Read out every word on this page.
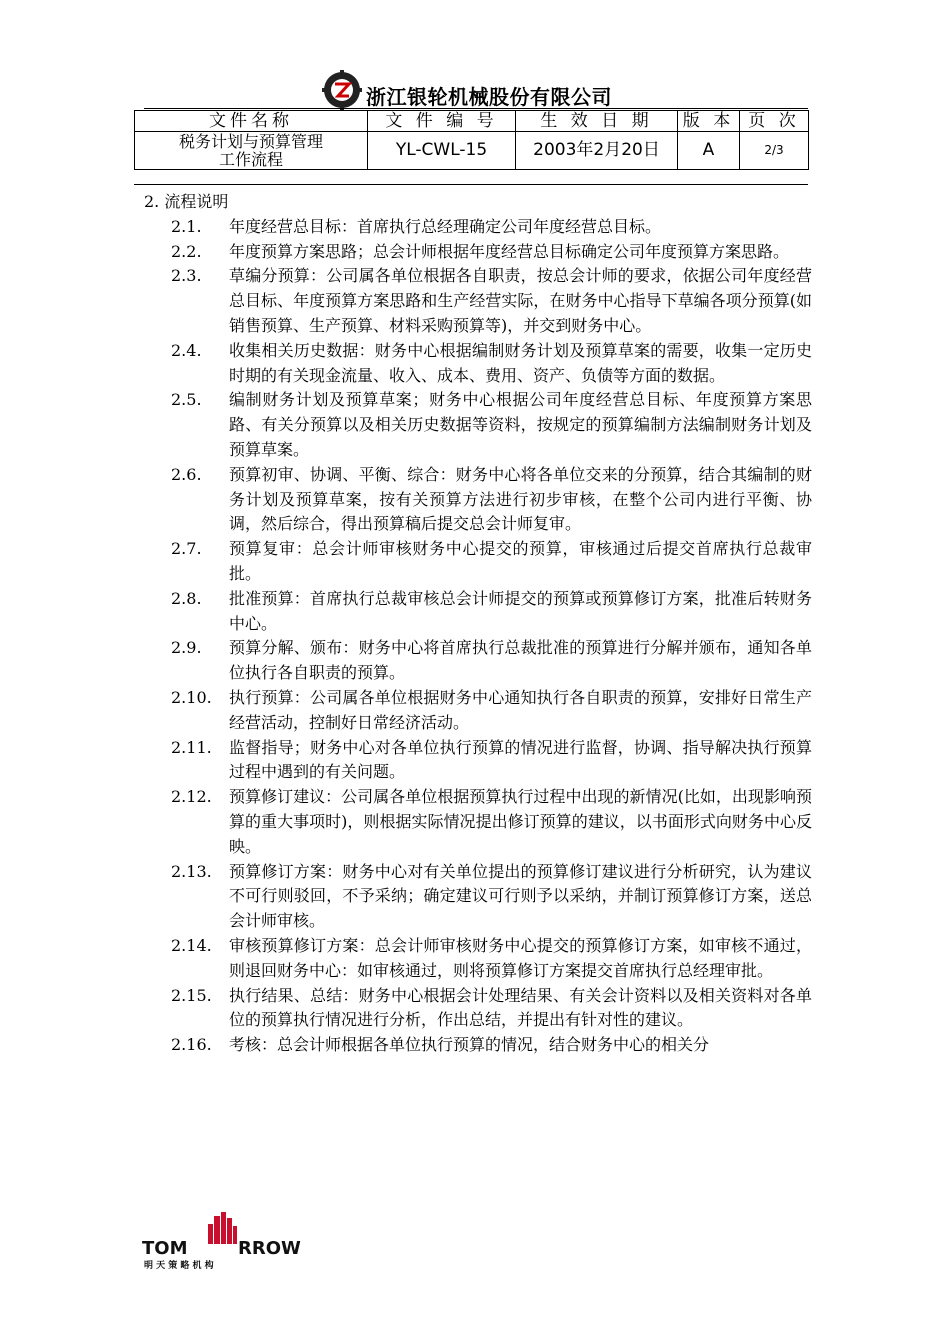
浙江银轮机械股份有限公司
文件名称	文 件 编 号	生 效 日 期	版 本	页 次

税务计划与预算管理
工作流程	YL-CWL-15	2003年2月20日	A	2/3
2. 流程说明
2.1.	年度经营总目标：首席执行总经理确定公司年度经营总目标。
2.2.	年度预算方案思路；总会计师根据年度经营总目标确定公司年度预算方案思路。
2.3.	草编分预算：公司属各单位根据各自职责，按总会计师的要求，依据公司年度经营总目标、年度预算方案思路和生产经营实际，在财务中心指导下草编各项分预算(如销售预算、生产预算、材料采购预算等)，并交到财务中心。
2.4.	收集相关历史数据：财务中心根据编制财务计划及预算草案的需要，收集一定历史时期的有关现金流量、收入、成本、费用、资产、负债等方面的数据。
2.5.	编制财务计划及预算草案；财务中心根据公司年度经营总目标、年度预算方案思路、有关分预算以及相关历史数据等资料，按规定的预算编制方法编制财务计划及预算草案。
2.6.	预算初审、协调、平衡、综合：财务中心将各单位交来的分预算，结合其编制的财务计划及预算草案，按有关预算方法进行初步审核，在整个公司内进行平衡、协调，然后综合，得出预算稿后提交总会计师复审。
2.7.	预算复审：总会计师审核财务中心提交的预算，审核通过后提交首席执行总裁审批。
2.8.	批准预算：首席执行总裁审核总会计师提交的预算或预算修订方案，批准后转财务中心。
2.9.	预算分解、颁布：财务中心将首席执行总裁批准的预算进行分解并颁布，通知各单位执行各自职责的预算。
2.10.	执行预算：公司属各单位根据财务中心通知执行各自职责的预算，安排好日常生产经营活动，控制好日常经济活动。
2.11.	监督指导；财务中心对各单位执行预算的情况进行监督，协调、指导解决执行预算过程中遇到的有关问题。
2.12.	预算修订建议：公司属各单位根据预算执行过程中出现的新情况(比如，出现影响预算的重大事项时)，则根据实际情况提出修订预算的建议，以书面形式向财务中心反映。
2.13.	预算修订方案：财务中心对有关单位提出的预算修订建议进行分析研究，认为建议不可行则驳回，不予采纳；确定建议可行则予以采纳，并制订预算修订方案，送总会计师审核。
2.14.	审核预算修订方案：总会计师审核财务中心提交的预算修订方案，如审核不通过，则退回财务中心：如审核通过，则将预算修订方案提交首席执行总经理审批。
2.15.	执行结果、总结：财务中心根据会计处理结果、有关会计资料以及相关资料对各单位的预算执行情况进行分析，作出总结，并提出有针对性的建议。
2.16.	考核：总会计师根据各单位执行预算的情况，结合财务中心的相关分
TOM	RROW
明 天 策 略 机 构
